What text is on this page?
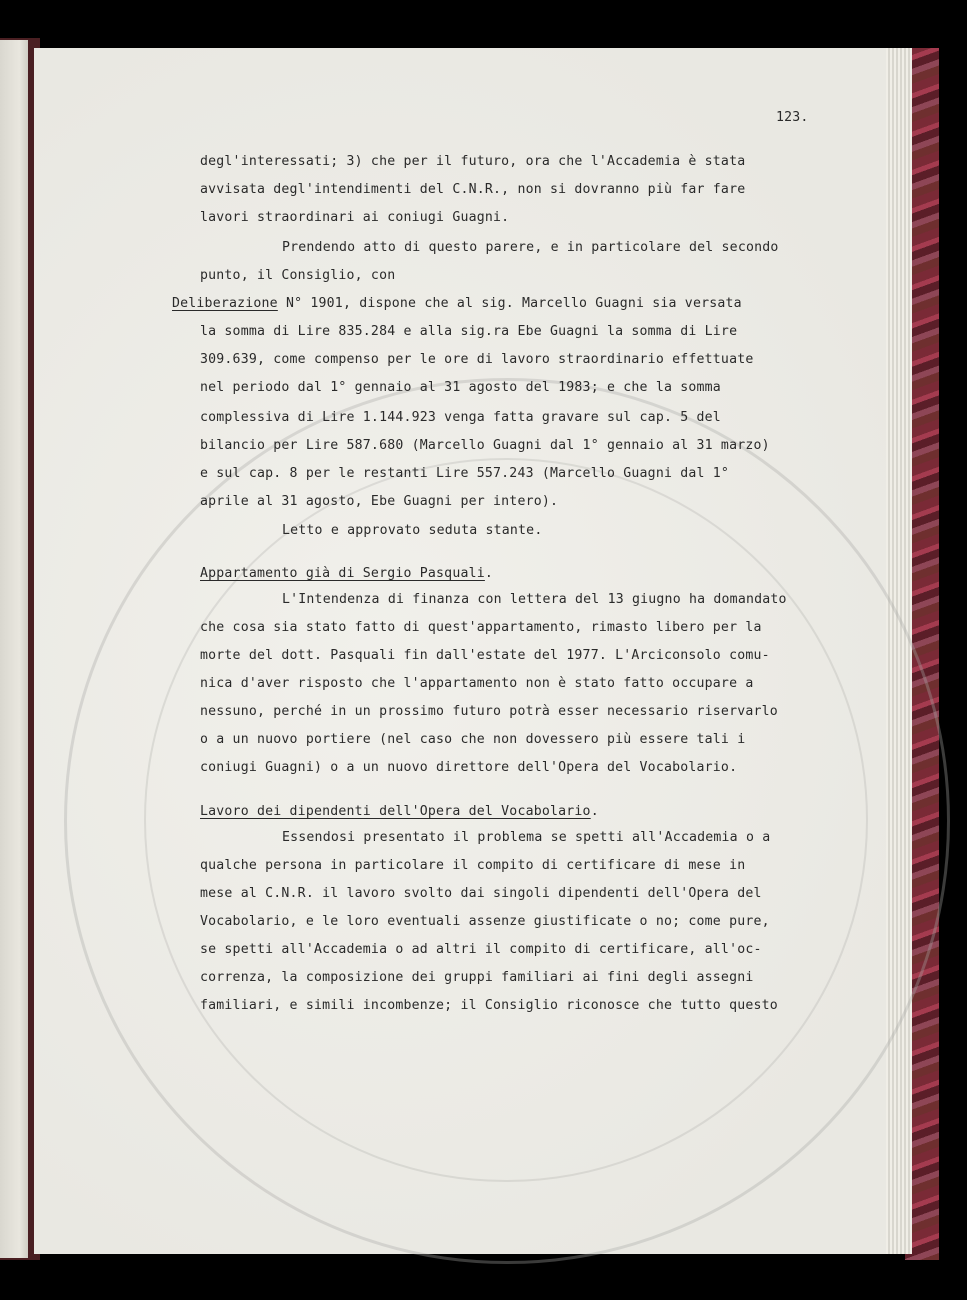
123.
degl'interessati; 3) che per il futuro, ora che l'Accademia è stata
avvisata degl'intendimenti del C.N.R., non si dovranno più far fare
lavori straordinari ai coniugi Guagni.
Prendendo atto di questo parere, e in particolare del secondo
punto, il Consiglio, con
Deliberazione N° 1901, dispone che al sig. Marcello Guagni sia versata
la somma di Lire 835.284 e alla sig.ra Ebe Guagni la somma di Lire
309.639, come compenso per le ore di lavoro straordinario effettuate
nel periodo dal 1° gennaio al 31 agosto del 1983; e che la somma
complessiva di Lire 1.144.923 venga fatta gravare sul cap. 5 del
bilancio per Lire 587.680 (Marcello Guagni dal 1° gennaio al 31 marzo)
e sul cap. 8 per le restanti Lire 557.243 (Marcello Guagni dal 1°
aprile al 31 agosto, Ebe Guagni per intero).
Letto e approvato seduta stante.
Appartamento già di Sergio Pasquali.
L'Intendenza di finanza con lettera del 13 giugno ha domandato
che cosa sia stato fatto di quest'appartamento, rimasto libero per la
morte del dott. Pasquali fin dall'estate del 1977. L'Arciconsolo comu-
nica d'aver risposto che l'appartamento non è stato fatto occupare a
nessuno, perché in un prossimo futuro potrà esser necessario riservarlo
o a un nuovo portiere (nel caso che non dovessero più essere tali i
coniugi Guagni) o a un nuovo direttore dell'Opera del Vocabolario.
Lavoro dei dipendenti dell'Opera del Vocabolario.
Essendosi presentato il problema se spetti all'Accademia o a
qualche persona in particolare il compito di certificare di mese in
mese al C.N.R. il lavoro svolto dai singoli dipendenti dell'Opera del
Vocabolario, e le loro eventuali assenze giustificate o no; come pure,
se spetti all'Accademia o ad altri il compito di certificare, all'oc-
correnza, la composizione dei gruppi familiari ai fini degli assegni
familiari, e simili incombenze; il Consiglio riconosce che tutto questo
